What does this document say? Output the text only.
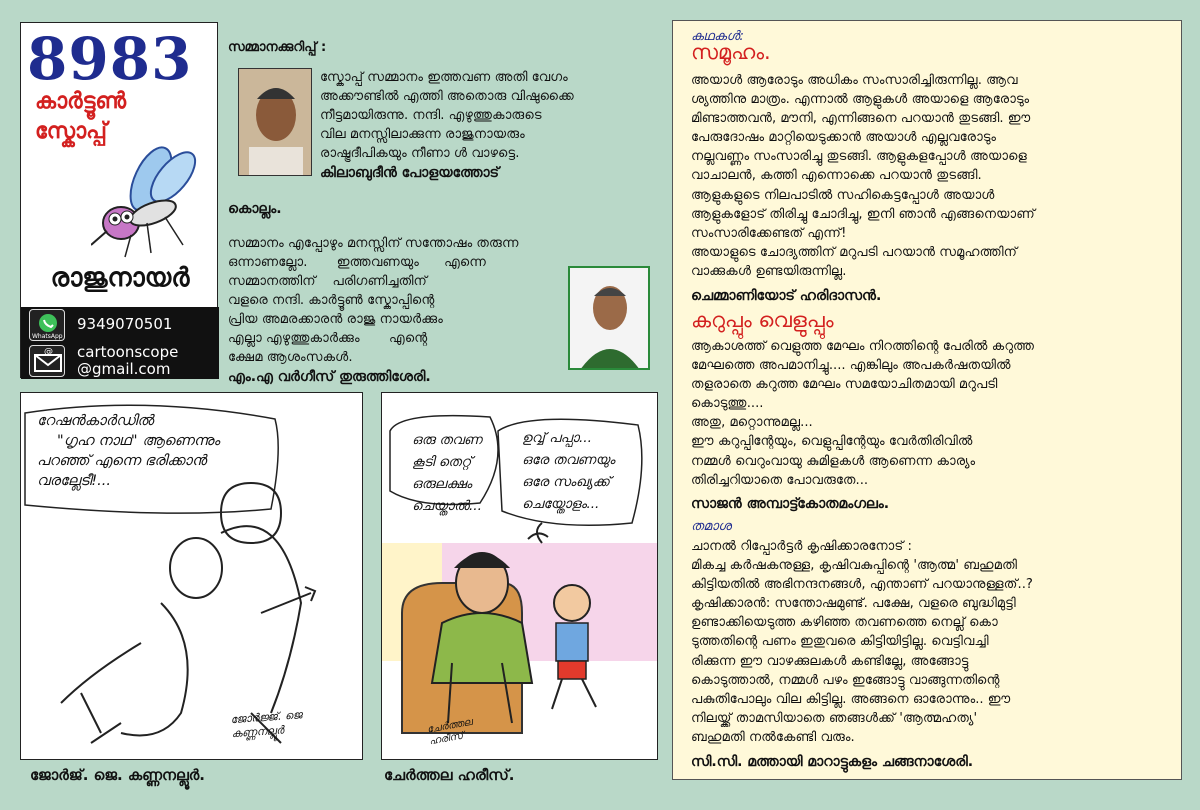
8983
കാർട്ടൂൺ
സ്കോപ്പ്
രാജുനായർ
WhatsApp
9349070501
@ cartoonscope
@gmail.com
സമ്മാനക്കുറിപ്പ് :
സ്കോപ്പ് സമ്മാനം ഇത്തവണ അതി വേഗം
അക്കൗണ്ടിൽ എത്തി അതൊരു വിഷുക്കൈ
നീട്ടമായിരുന്നു. നന്ദി. എഴുത്തുകാരുടെ
വില മനസ്സിലാക്കുന്ന രാജുനായരും
രാഷ്ട്രദീപികയും നീണാ ൾ വാഴട്ടെ.
കിലാബുദീൻ പോളയത്തോട്
കൊല്ലം.
സമ്മാനം എപ്പോഴും മനസ്സിന് സന്തോഷം തരുന്ന
ഒന്നാണല്ലോ.       ഇത്തവണയും      എന്നെ
സമ്മാനത്തിന്    പരിഗണിച്ചതിന്
വളരെ നന്ദി. കാർട്ടൂൺ സ്കോപ്പിന്റെ
പ്രിയ അമരക്കാരൻ രാജു നായർക്കും
എല്ലാ എഴുത്തുകാർക്കും       എന്റെ
ക്ഷേമ ആശംസകൾ.
എം.എ വർഗീസ് തുരുത്തിശേരി.
റേഷൻകാർഡിൽ
"ഗൃഹ നാഥ" ആണെന്നും
പറഞ്ഞ് എന്നെ ഭരിക്കാൻ
വരല്ലേടീ!...
ജോർജ്ജ്. ജെ കണ്ണനല്ലൂർ
ജോർജ്. ജെ. കണ്ണനല്ലൂർ.
ഒരു തവണ
കൂടി തെറ്റ്
ഒരുലക്ഷം
ചെയ്താൽ...
ഉവ്വ് പപ്പാ...
ഒരേ തവണയും
ഒരേ സംഖ്യക്ക്
ചെയ്തോളം...
ചേർത്തല ഹരീസ്
ചേർത്തല ഹരീസ്.
കഥകൾ:
സമൂഹം.
അയാൾ ആരോടും അധികം സംസാരിച്ചിരുന്നില്ല. ആവ
ശ്യത്തിനു മാത്രം. എന്നാൽ ആളുകൾ അയാളെ ആരോടും
മിണ്ടാത്തവൻ, മൗനി, എന്നിങ്ങനെ പറയാൻ തുടങ്ങി. ഈ
പേരുദോഷം മാറ്റിയെടുക്കാൻ അയാൾ എല്ലവരോടും
നല്ലവണ്ണം സംസാരിച്ചു തുടങ്ങി. ആളുകളപ്പോൾ അയാളെ
വാചാലൻ, കത്തി എന്നൊക്കെ പറയാൻ തുടങ്ങി.
ആളുകളുടെ നിലപാടിൽ സഹികെട്ടപ്പോൾ അയാൾ
ആളുകളോട് തിരിച്ചു ചോദിച്ചു, ഇനി ഞാൻ എങ്ങനെയാണ്
സംസാരിക്കേണ്ടത് എന്ന്!
അയാളുടെ ചോദ്യത്തിന് മറുപടി പറയാൻ സമൂഹത്തിന്
വാക്കുകൾ ഉണ്ടയിരുന്നില്ല.
ചെമ്മാണിയോട് ഹരിദാസൻ.
കറുപ്പും വെളുപ്പും
ആകാശത്ത് വെളുത്ത മേഘം നിറത്തിന്റെ പേരിൽ കറുത്ത
മേഘത്തെ അപമാനിച്ചു.... എങ്കിലും അപകർഷതയിൽ
തളരാതെ കറുത്ത മേഘം സമയോചിതമായി മറുപടി
കൊടുത്തു....
അതു, മറ്റൊന്നുമല്ല...
ഈ കറുപ്പിന്റേയും, വെളുപ്പിന്റേയും വേർതിരിവിൽ
നമ്മൾ വെറുംവായു കുമിളകൾ ആണെന്ന കാര്യം
തിരിച്ചറിയാതെ പോവരുതേ...
സാജൻ അമ്പാട്ട്കോതമംഗലം.
തമാശ
ചാനൽ റിപ്പോർട്ടർ കൃഷിക്കാരനോട് :
മികച്ച കർഷകനുള്ള, കൃഷിവകുപ്പിന്റെ 'ആത്മ' ബഹുമതി
കിട്ടിയതിൽ അഭിനന്ദനങ്ങൾ, എന്താണ് പറയാനുള്ളത്..?
കൃഷിക്കാരൻ: സന്തോഷമുണ്ട്. പക്ഷേ, വളരെ ബുദ്ധിമുട്ടി
ഉണ്ടാക്കിയെടുത്ത കഴിഞ്ഞ തവണത്തെ നെല്ല് കൊ
ടുത്തതിന്റെ പണം ഇതുവരെ കിട്ടിയിട്ടില്ല. വെട്ടിവച്ചി
രിക്കുന്ന ഈ വാഴക്കുലകൾ കണ്ടില്ലേ, അങ്ങോട്ടു
കൊടുത്താൽ, നമ്മൾ പഴം ഇങ്ങോട്ടു വാങ്ങുന്നതിന്റെ
പകുതിപോലും വില കിട്ടില്ല. അങ്ങനെ ഓരോന്നും.. ഈ
നിലയ്ക്ക് താമസിയാതെ ഞങ്ങൾക്ക് 'ആത്മഹത്യ'
ബഹുമതി നൽകേണ്ടി വരും.
സി.സി. മത്തായി മാറാട്ടുകളം ചങ്ങനാശേരി.
